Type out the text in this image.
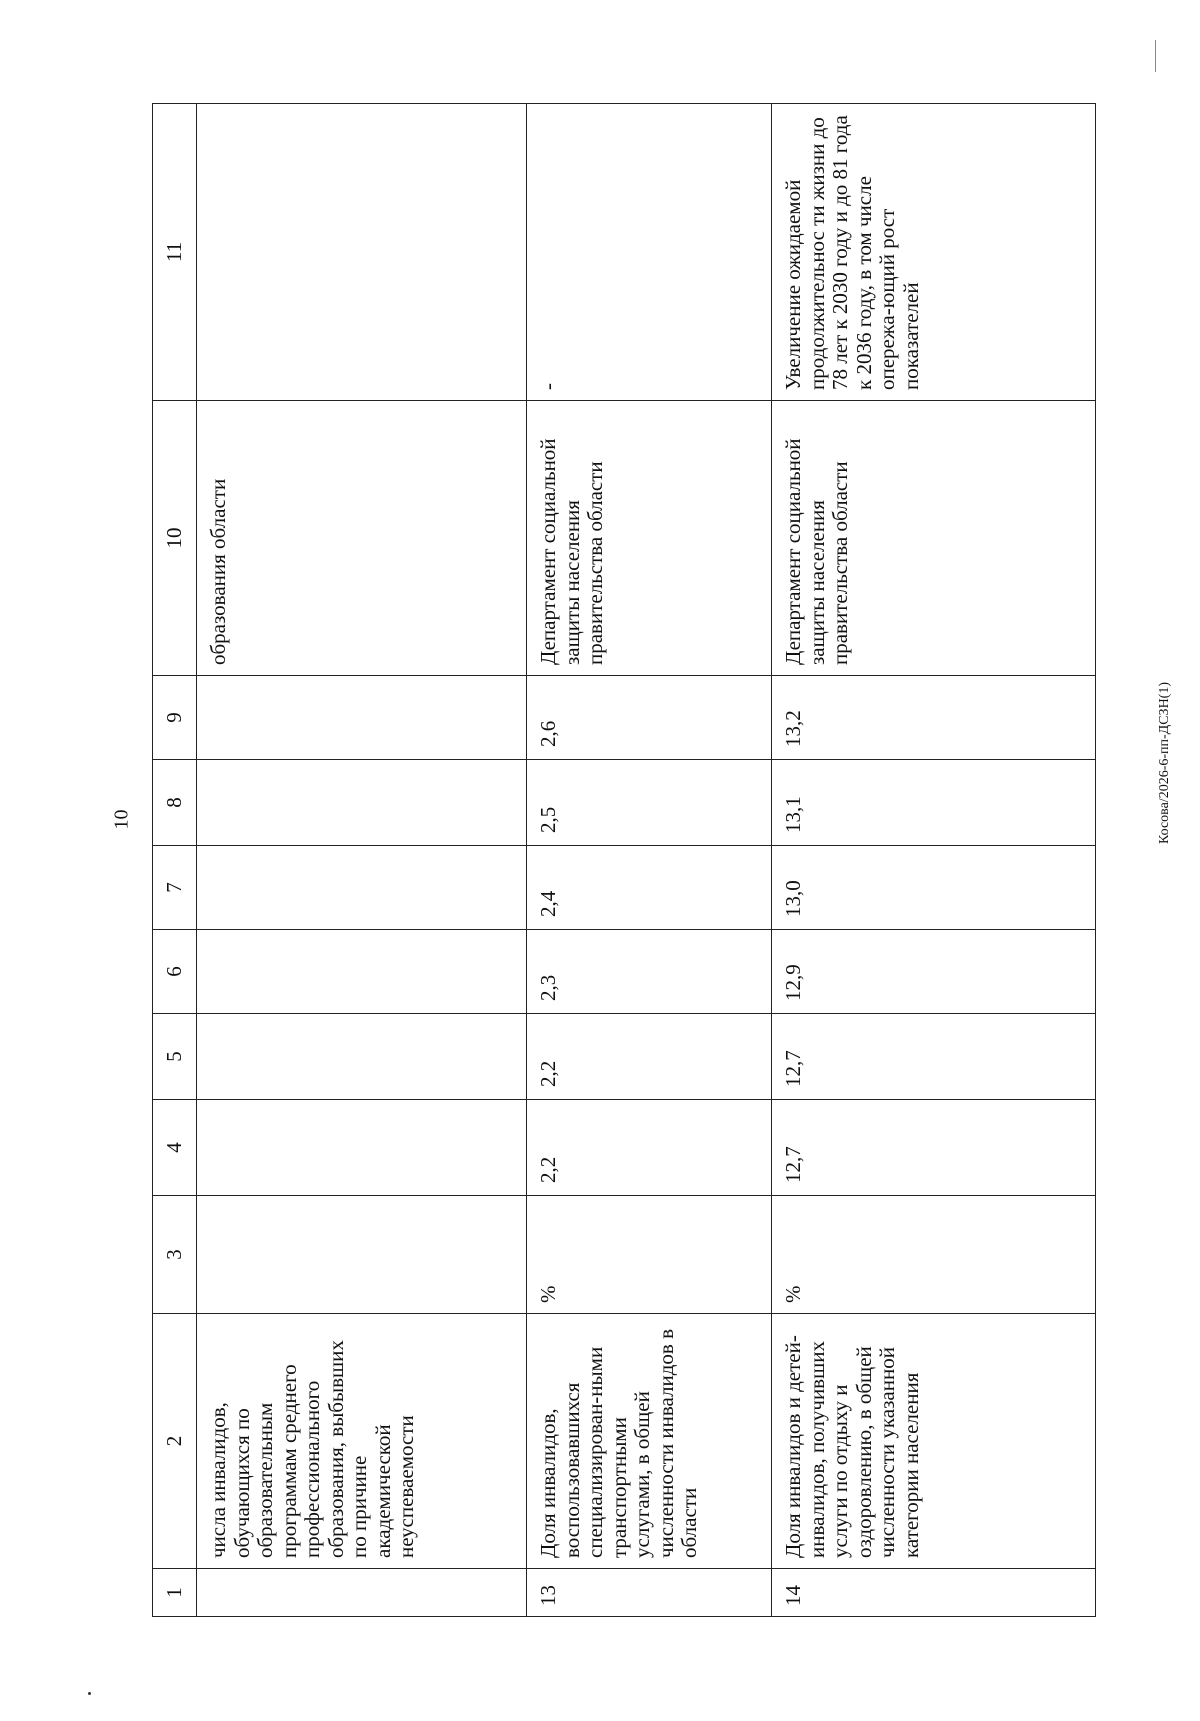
10	Косова/2026-6-пп-ДСЗН(1)
1	2	3	4	5	6	7	8	9	10	11
	числа инвалидов, обучающихся по образовательным программам среднего профессионального образования, выбывших по причине академической неуспеваемости								образования области	
13	Доля инвалидов, воспользовавшихся специализирован-ными транспортными услугами, в общей численности инвалидов в области	%	2,2	2,2	2,3	2,4	2,5	2,6	Департамент социальной защиты населения правительства области	-
14	Доля инвалидов и детей-инвалидов, получивших услуги по отдыху и оздоровлению, в общей численности указанной категории населения	%	12,7	12,7	12,9	13,0	13,1	13,2	Департамент социальной защиты населения правительства области	Увеличение ожидаемой продолжительнос ти жизни до 78 лет к 2030 году и до 81 года к 2036 году, в том числе опережа-ющий рост показателей
